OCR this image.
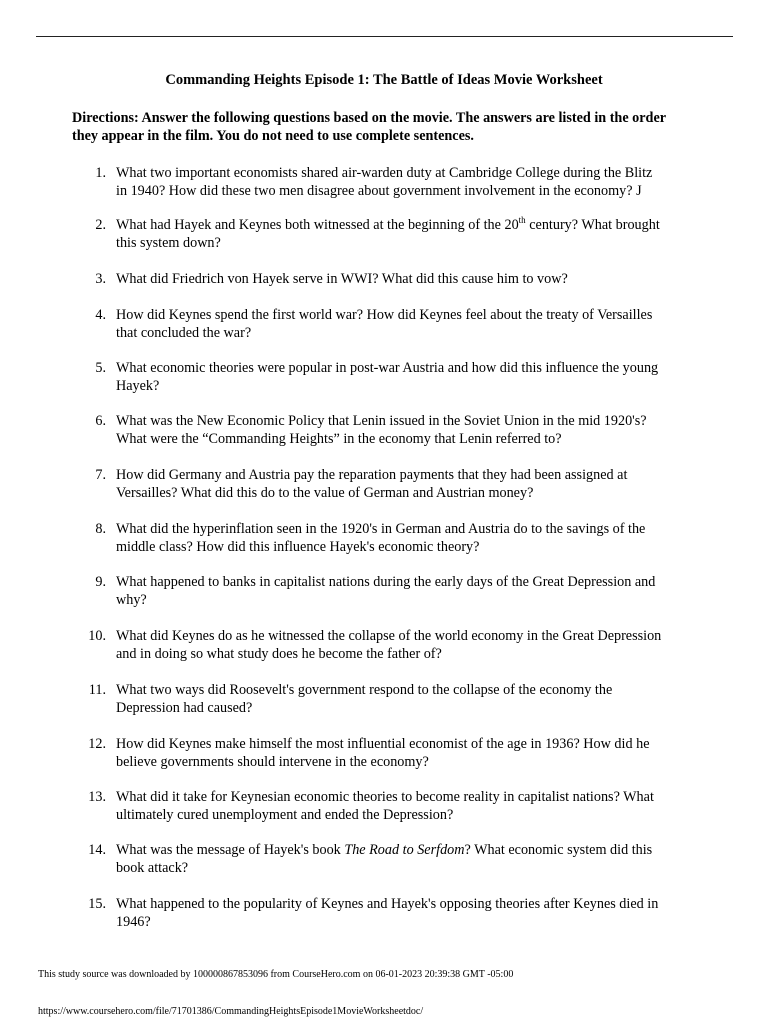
Commanding Heights Episode 1: The Battle of Ideas Movie Worksheet
Directions: Answer the following questions based on the movie. The answers are listed in the order they appear in the film. You do not need to use complete sentences.
1. What two important economists shared air-warden duty at Cambridge College during the Blitz
in 1940? How did these two men disagree about government involvement in the economy? J
2. What had Hayek and Keynes both witnessed at the beginning of the 20th century? What brought
this system down?
3. What did Friedrich von Hayek serve in WWI? What did this cause him to vow?
4. How did Keynes spend the first world war? How did Keynes feel about the treaty of Versailles
that concluded the war?
5. What economic theories were popular in post-war Austria and how did this influence the young
Hayek?
6. What was the New Economic Policy that Lenin issued in the Soviet Union in the mid 1920's?
What were the “Commanding Heights” in the economy that Lenin referred to?
7. How did Germany and Austria pay the reparation payments that they had been assigned at
Versailles? What did this do to the value of German and Austrian money?
8. What did the hyperinflation seen in the 1920's in German and Austria do to the savings of the
middle class? How did this influence Hayek's economic theory?
9. What happened to banks in capitalist nations during the early days of the Great Depression and
why?
10. What did Keynes do as he witnessed the collapse of the world economy in the Great Depression
and in doing so what study does he become the father of?
11. What two ways did Roosevelt's government respond to the collapse of the economy the
Depression had caused?
12. How did Keynes make himself the most influential economist of the age in 1936? How did he
believe governments should intervene in the economy?
13. What did it take for Keynesian economic theories to become reality in capitalist nations? What
ultimately cured unemployment and ended the Depression?
14. What was the message of Hayek's book The Road to Serfdom? What economic system did this
book attack?
15. What happened to the popularity of Keynes and Hayek's opposing theories after Keynes died in
1946?
This study source was downloaded by 100000867853096 from CourseHero.com on 06-01-2023 20:39:38 GMT -05:00
https://www.coursehero.com/file/71701386/CommandingHeightsEpisode1MovieWorksheetdoc/
